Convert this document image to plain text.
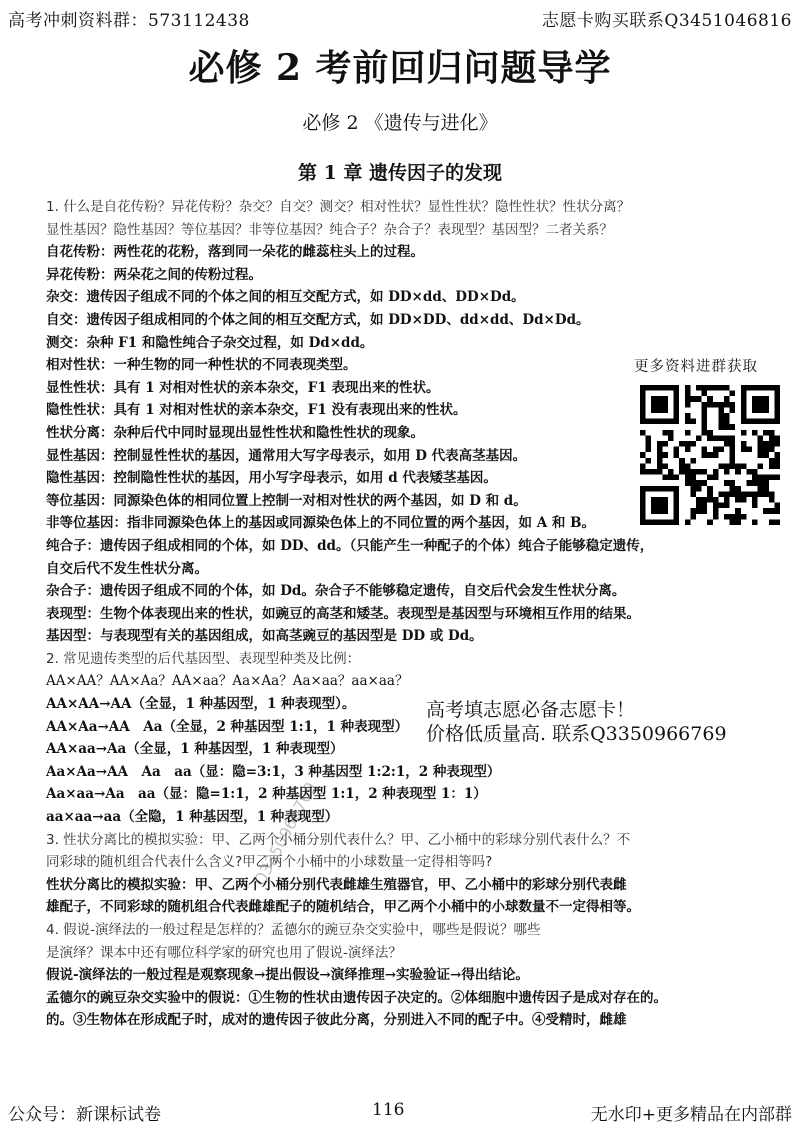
高考冲刺资料群：573112438	志愿卡购买联系Q3451046816
必修 2 考前回归问题导学
必修 2 《遗传与进化》
第 1 章 遗传因子的发现
1. 什么是自花传粉？异花传粉？杂交？自交？测交？相对性状？显性性状？隐性性状？性状分离？
显性基因？隐性基因？等位基因？非等位基因？纯合子？杂合子？表现型？基因型？二者关系？
自花传粉：两性花的花粉，落到同一朵花的雌蕊柱头上的过程。
异花传粉：两朵花之间的传粉过程。
杂交：遗传因子组成不同的个体之间的相互交配方式，如 DD×dd、DD×Dd。
自交：遗传因子组成相同的个体之间的相互交配方式，如 DD×DD、dd×dd、Dd×Dd。
测交：杂种 F1 和隐性纯合子杂交过程，如 Dd×dd。
相对性状：一种生物的同一种性状的不同表现类型。
显性性状：具有 1 对相对性状的亲本杂交，F1 表现出来的性状。
隐性性状：具有 1 对相对性状的亲本杂交，F1 没有表现出来的性状。
性状分离：杂种后代中同时显现出显性性状和隐性性状的现象。
显性基因：控制显性性状的基因，通常用大写字母表示，如用 D 代表高茎基因。
隐性基因：控制隐性性状的基因，用小写字母表示，如用 d 代表矮茎基因。
等位基因：同源染色体的相同位置上控制一对相对性状的两个基因，如 D 和 d。
非等位基因：指非同源染色体上的基因或同源染色体上的不同位置的两个基因，如 A 和 B。
纯合子：遗传因子组成相同的个体，如 DD、dd。（只能产生一种配子的个体）纯合子能够稳定遗传，
自交后代不发生性状分离。
杂合子：遗传因子组成不同的个体，如 Dd。杂合子不能够稳定遗传，自交后代会发生性状分离。
表现型：生物个体表现出来的性状，如豌豆的高茎和矮茎。表现型是基因型与环境相互作用的结果。
基因型：与表现型有关的基因组成，如高茎豌豆的基因型是 DD 或 Dd。
2. 常见遗传类型的后代基因型、表现型种类及比例：
AA×AA？AA×Aa？AA×aa？Aa×Aa？Aa×aa？aa×aa？
AA×AA→AA（全显，1 种基因型，1 种表现型）。
AA×Aa→AA　Aa（全显，2 种基因型 1:1，1 种表现型）
AA×aa→Aa（全显，1 种基因型，1 种表现型）
Aa×Aa→AA　Aa　aa（显：隐=3:1，3 种基因型 1:2:1，2 种表现型）
Aa×aa→Aa　aa（显：隐=1:1，2 种基因型 1:1，2 种表现型 1：1）
aa×aa→aa（全隐，1 种基因型，1 种表现型）
3. 性状分离比的模拟实验：甲、乙两个小桶分别代表什么？甲、乙小桶中的彩球分别代表什么？不
同彩球的随机组合代表什么含义?甲乙两个小桶中的小球数量一定得相等吗?
性状分离比的模拟实验：甲、乙两个小桶分别代表雌雄生殖器官，甲、乙小桶中的彩球分别代表雌
雄配子，不同彩球的随机组合代表雌雄配子的随机结合，甲乙两个小桶中的小球数量不一定得相等。
4. 假说-演绎法的一般过程是怎样的？孟德尔的豌豆杂交实验中，哪些是假说？哪些
是演绎？课本中还有哪位科学家的研究也用了假说-演绎法？
假说-演绎法的一般过程是观察现象→提出假设→演绎推理→实验验证→得出结论。
孟德尔的豌豆杂交实验中的假说：①生物的性状由遗传因子决定的。②体细胞中遗传因子是成对存在的。
的。③生物体在形成配子时，成对的遗传因子彼此分离，分别进入不同的配子中。④受精时，雌雄
更多资料进群获取
高考填志愿必备志愿卡！
价格低质量高. 联系Q3350966769
Q3350966769
公众号：新课标试卷	116	无水印+更多精品在内部群
